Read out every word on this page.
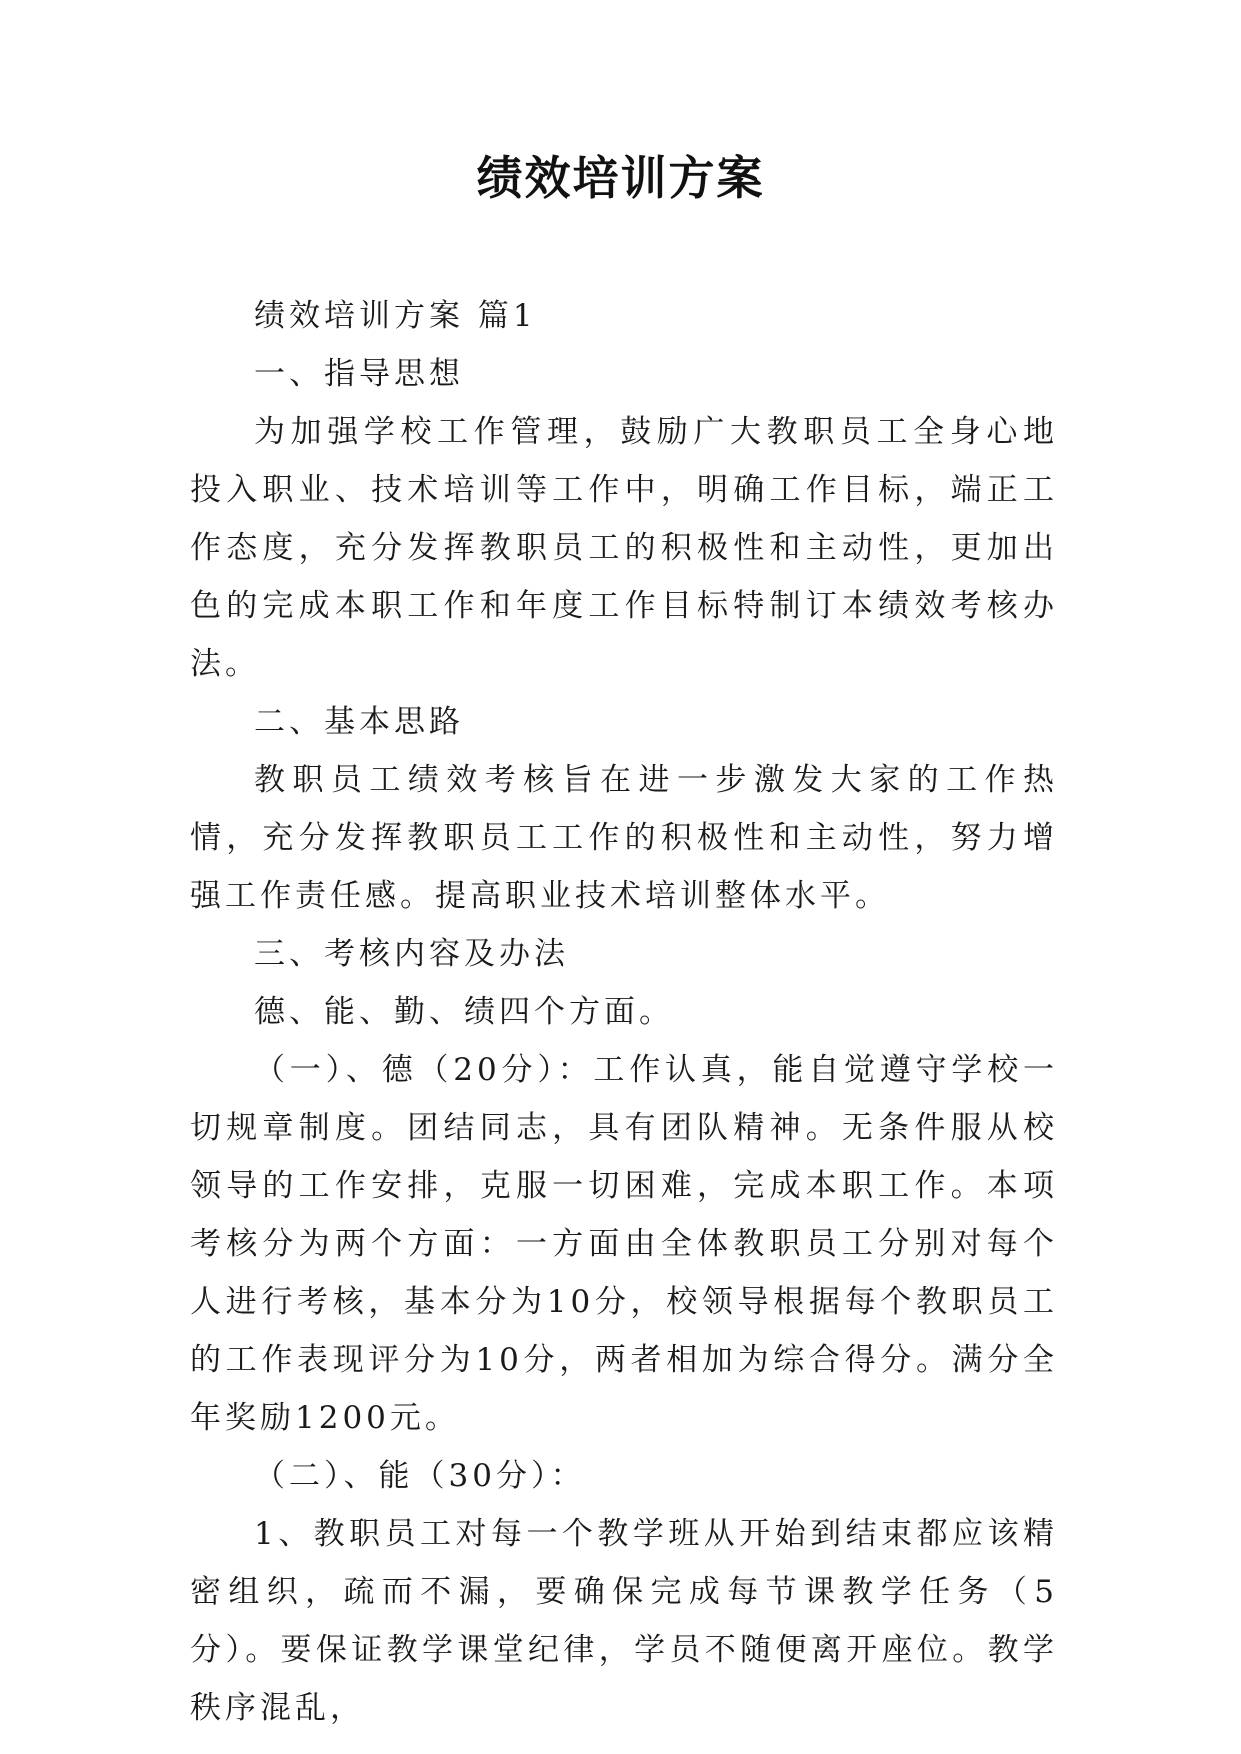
绩效培训方案

绩效培训方案 篇1

一、指导思想

为加强学校工作管理，鼓励广大教职员工全身心地投入职业、技术培训等工作中，明确工作目标，端正工作态度，充分发挥教职员工的积极性和主动性，更加出色的完成本职工作和年度工作目标特制订本绩效考核办法。

二、基本思路

教职员工绩效考核旨在进一步激发大家的工作热情，充分发挥教职员工工作的积极性和主动性，努力增强工作责任感。提高职业技术培训整体水平。

三、考核内容及办法

德、能、勤、绩四个方面。

（一）、德（20分）：工作认真，能自觉遵守学校一切规章制度。团结同志，具有团队精神。无条件服从校领导的工作安排，克服一切困难，完成本职工作。本项考核分为两个方面：一方面由全体教职员工分别对每个人进行考核，基本分为10分，校领导根据每个教职员工的工作表现评分为10分，两者相加为综合得分。满分全年奖励1200元。

（二）、能（30分）：

1、教职员工对每一个教学班从开始到结束都应该精密组织，疏而不漏，要确保完成每节课教学任务（5分）。要保证教学课堂纪律，学员不随便离开座位。教学秩序混乱，
